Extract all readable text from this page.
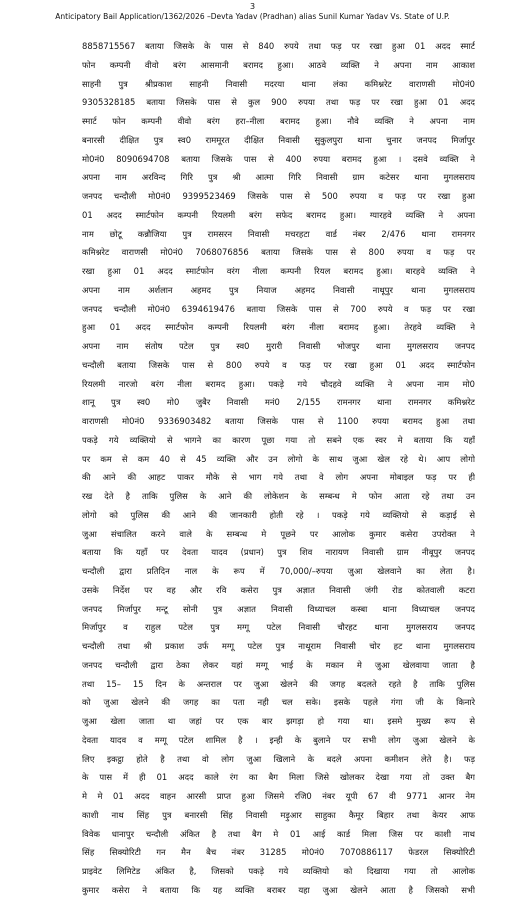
3
Anticipatory Bail Application/1362/2026 –Devta Yadav (Pradhan) alias Sunil Kumar Yadav Vs. State of U.P.
8858715567 बताया जिसके के पास से 840 रुपये तथा फड़ पर रखा हुआ 01 अदद स्मार्ट
फोन कम्पनी वीवो बरंग आसमानी बरामद हुआ। आठवे व्यक्ति ने अपना नाम आकाश
साहनी पुत्र श्रीप्रकाश साहनी निवासी मदरया थाना लंका कमिश्नरेट वाराणसी मो0नं0
9305328185 बताया जिसके पास से कुल 900 रुपया तथा फड़ पर रखा हुआ 01 अदद
स्मार्ट फोन कम्पनी वीवो बरंग हरा–नीला बरामद हुआ। नौवे व्यक्ति ने अपना नाम
बनारसी दीक्षित पुत्र स्व0 राममूरत दीक्षित निवासी सुकुलपुरा थाना चुनार जनपद मिर्जापुर
मो0नं0 8090694708 बताया जिसके पास से 400 रुपया बरामद हुआ । दसवे व्यक्ति ने
अपना नाम अरविन्द गिरि पुत्र श्री आत्मा गिरि निवासी ग्राम कटेसर थाना मुगलसराय
जनपद चन्दौली मो0नं0 9399523469 जिसके पास से 500 रुपया व फड़ पर रखा हुआ
01 अदद स्मार्टफोन कम्पनी रियलमी बरंग सफेद बरामद हुआ। ग्यारहवे व्यक्ति ने अपना
नाम छोटू कन्नौजिया पुत्र रामसरन निवासी मचरहटा वार्ड नंबर 2/476 थाना रामनगर
कमिश्नरेट वाराणसी मो0नं0 7068076856 बताया जिसके पास से 800 रुपया व फड़ पर
रखा हुआ 01 अदद स्मार्टफोन वरंग नीला कम्पनी रियल बरामद हुआ। बारहवे व्यक्ति ने
अपना नाम अर्शलान अहमद पुत्र नियाज अहमद निवासी नाथूपुर थाना मुगलसराय
जनपद चन्दौली मो0नं0 6394619476 बताया जिसके पास से 700 रुपये व फड़ पर रखा
हुआ 01 अदद स्मार्टफोन कम्पनी रियलमी बरंग नीला बरामद हुआ। तेरहवे व्यक्ति ने
अपना नाम संतोष पटेल पुत्र स्व0 मुरारी निवासी भोजपुर थाना मुगलसराय जनपद
चन्दौली बताया जिसके पास से 800 रुपये व फड़ पर रखा हुआ 01 अदद स्मार्टफोन
रियलमी नारजो बरंग नीला बरामद हुआ। पकड़े गये चौदहवे व्यक्ति ने अपना नाम मो0
शानू पुत्र स्व0 मो0 जुबैर निवासी मनं0 2/155 रामनगर थाना रामनगर कमिश्नरेट
वाराणसी मो0नं0 9336903482 बताया जिसके पास से 1100 रुपया बरामद हुआ तथा
पकड़े गये व्यक्तियो से भागने का कारण पूछा गया तो सबने एक स्वर मे बताया कि यहाँ
पर कम से कम 40 से 45 व्यक्ति और उन लोगो के साथ जुआ खेल रहे थे। आप लोगो
की आने की आहट पाकर मौके से भाग गये तथा वे लोग अपना मोबाइल फड़ पर ही
रख देते है ताकि पुलिस के आने की लोकेशन के सम्बन्ध मे फोन आता रहे तथा उन
लोगो को पुलिस की आने की जानकारी होती रहे । पकड़े गये व्यक्तियो से कड़ाई से
जुआ संचालित करने वाले के सम्बन्ध मे पूछने पर आलोक कुमार कसेरा उपरोक्त ने
बताया कि यहाँ पर देवता यादव (प्रधान) पुत्र शिव नारायण निवासी ग्राम नीबूपुर जनपद
चन्दौली द्वारा प्रतिदिन नाल के रूप में 70,000/–रुपया जुआ खेलवाने का लेता है।
उसके निर्देश पर वह और रवि कसेरा पुत्र अज्ञात निवासी जंगी रोड कोतवाली कटरा
जनपद मिर्जापुर मन्टू सोनी पुत्र अज्ञात निवासी विध्याचल कस्बा थाना विध्याचल जनपद
मिर्जापुर व राहुल पटेल पुत्र मग्गू पटेल निवासी चौरहट थाना मुगलसराय जनपद
चन्दौली तथा श्री प्रकाश उर्फ मग्गू पटेल पुत्र नाथूराम निवासी चोर हट थाना मुगलसराय
जनपद चन्दौली द्वारा ठेका लेकर यहां मग्गू भाई के मकान मे जुआ खेलवाया जाता है
तथा 15– 15 दिन के अन्तराल पर जुआ खेलने की जगह बदलते रहते है ताकि पुलिस
को जुआ खेलने की जगह का पता नही चल सके। इसके पहले गंगा जी के किनारे
जुआ खेला जाता था जहां पर एक बार झगड़ा हो गया था। इसमे मुख्य रूप से
देवता यादव व मग्गू पटेल शामिल है । इन्ही के बुलाने पर सभी लोग जुआ खेलने के
लिए इकट्ठा होते है तथा वो लोग जुआ खिलाने के बदले अपना कमीशन लेते है। फड़
के पास में ही 01 अदद काले रंग का बैग मिला जिसे खोलकर देखा गया तो उक्त बैग
मे मे 01 अदद वाहन आरसी प्राप्त हुआ जिसमे रजि0 नंबर यूपी 67 वी 9771 आनर नेम
काशी नाथ सिंह पुत्र बनारसी सिंह निवासी मड़ुआर साहुका कैमूर बिहार तथा केयर आफ
विवेक धानापुर चन्दौली अंकित है तथा बैग मे 01 आई कार्ड मिला जिस पर काशी नाथ
सिंह सिक्योरिटी गन मैन बैच नंबर 31285 मो0नं0 7070886117 फेडरल सिक्योरिटी
प्राइवेट लिमिटेड अंकित है, जिसको पकड़े गये व्यक्तियो को दिखाया गया तो आलोक
कुमार कसेरा ने बताया कि यह व्यक्ति बराबर यहा जुआ खेलने आता है जिसको सभी
